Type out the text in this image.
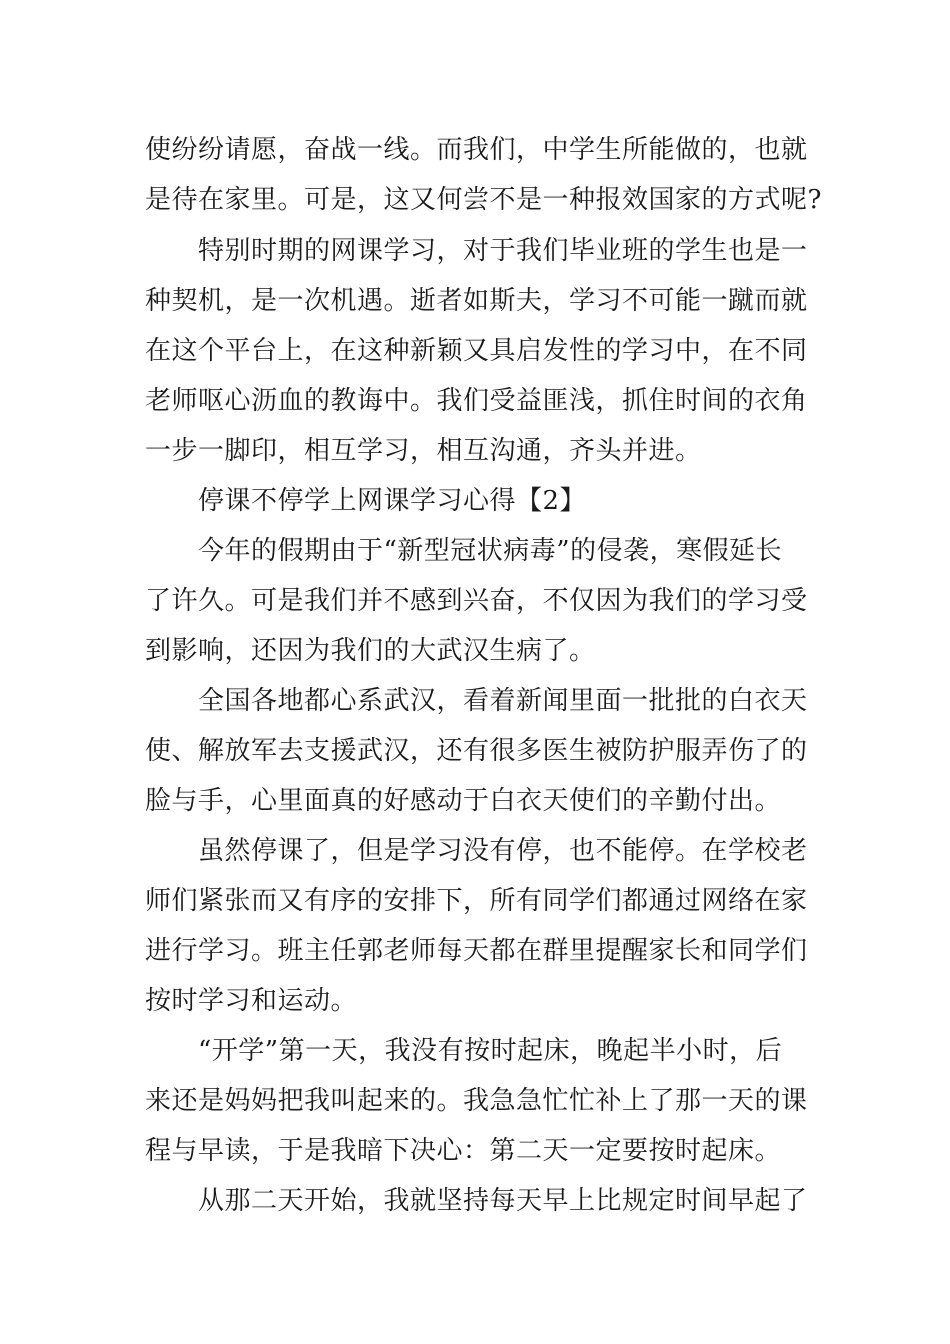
使纷纷请愿，奋战一线。而我们，中学生所能做的，也就
是待在家里。可是，这又何尝不是一种报效国家的方式呢?
特别时期的网课学习，对于我们毕业班的学生也是一
种契机，是一次机遇。逝者如斯夫，学习不可能一蹴而就
在这个平台上，在这种新颖又具启发性的学习中，在不同
老师呕心沥血的教诲中。我们受益匪浅，抓住时间的衣角
一步一脚印，相互学习，相互沟通，齐头并进。
停课不停学上网课学习心得【2】
今年的假期由于“新型冠状病毒”的侵袭，寒假延长
了许久。可是我们并不感到兴奋，不仅因为我们的学习受
到影响，还因为我们的大武汉生病了。
全国各地都心系武汉，看着新闻里面一批批的白衣天
使、解放军去支援武汉，还有很多医生被防护服弄伤了的
脸与手，心里面真的好感动于白衣天使们的辛勤付出。
虽然停课了，但是学习没有停，也不能停。在学校老
师们紧张而又有序的安排下，所有同学们都通过网络在家
进行学习。班主任郭老师每天都在群里提醒家长和同学们
按时学习和运动。
“开学”第一天，我没有按时起床，晚起半小时，后
来还是妈妈把我叫起来的。我急急忙忙补上了那一天的课
程与早读，于是我暗下决心：第二天一定要按时起床。
从那二天开始，我就坚持每天早上比规定时间早起了
